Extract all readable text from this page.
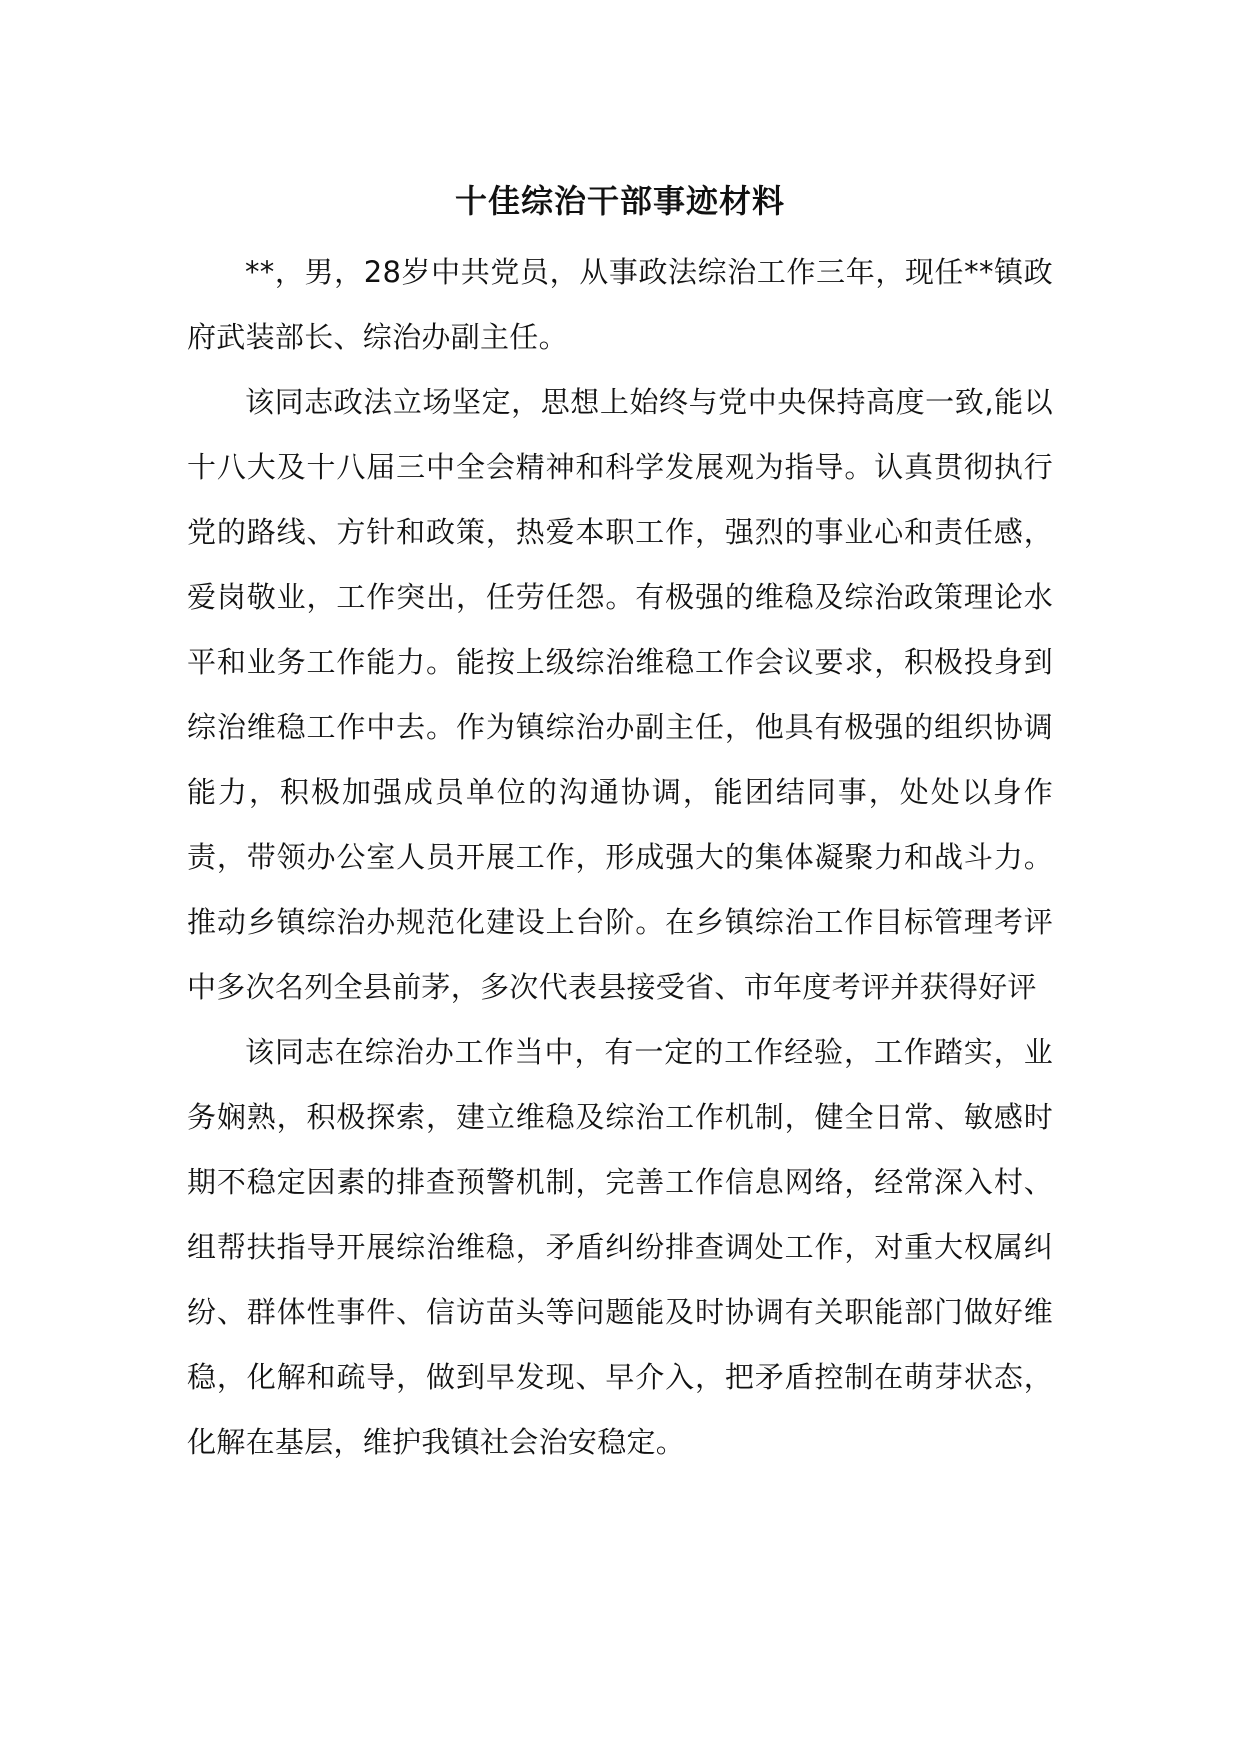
十佳综治干部事迹材料

**，男，28岁中共党员，从事政法综治工作三年，现任**镇政府武装部长、综治办副主任。

该同志政法立场坚定，思想上始终与党中央保持高度一致,能以十八大及十八届三中全会精神和科学发展观为指导。认真贯彻执行党的路线、方针和政策，热爱本职工作，强烈的事业心和责任感，爱岗敬业，工作突出，任劳任怨。有极强的维稳及综治政策理论水平和业务工作能力。能按上级综治维稳工作会议要求，积极投身到综治维稳工作中去。作为镇综治办副主任，他具有极强的组织协调能力，积极加强成员单位的沟通协调，能团结同事，处处以身作责，带领办公室人员开展工作，形成强大的集体凝聚力和战斗力。推动乡镇综治办规范化建设上台阶。在乡镇综治工作目标管理考评中多次名列全县前茅，多次代表县接受省、市年度考评并获得好评

该同志在综治办工作当中，有一定的工作经验，工作踏实，业务娴熟，积极探索，建立维稳及综治工作机制，健全日常、敏感时期不稳定因素的排查预警机制，完善工作信息网络，经常深入村、组帮扶指导开展综治维稳，矛盾纠纷排查调处工作，对重大权属纠纷、群体性事件、信访苗头等问题能及时协调有关职能部门做好维稳，化解和疏导，做到早发现、早介入，把矛盾控制在萌芽状态，化解在基层，维护我镇社会治安稳定。
